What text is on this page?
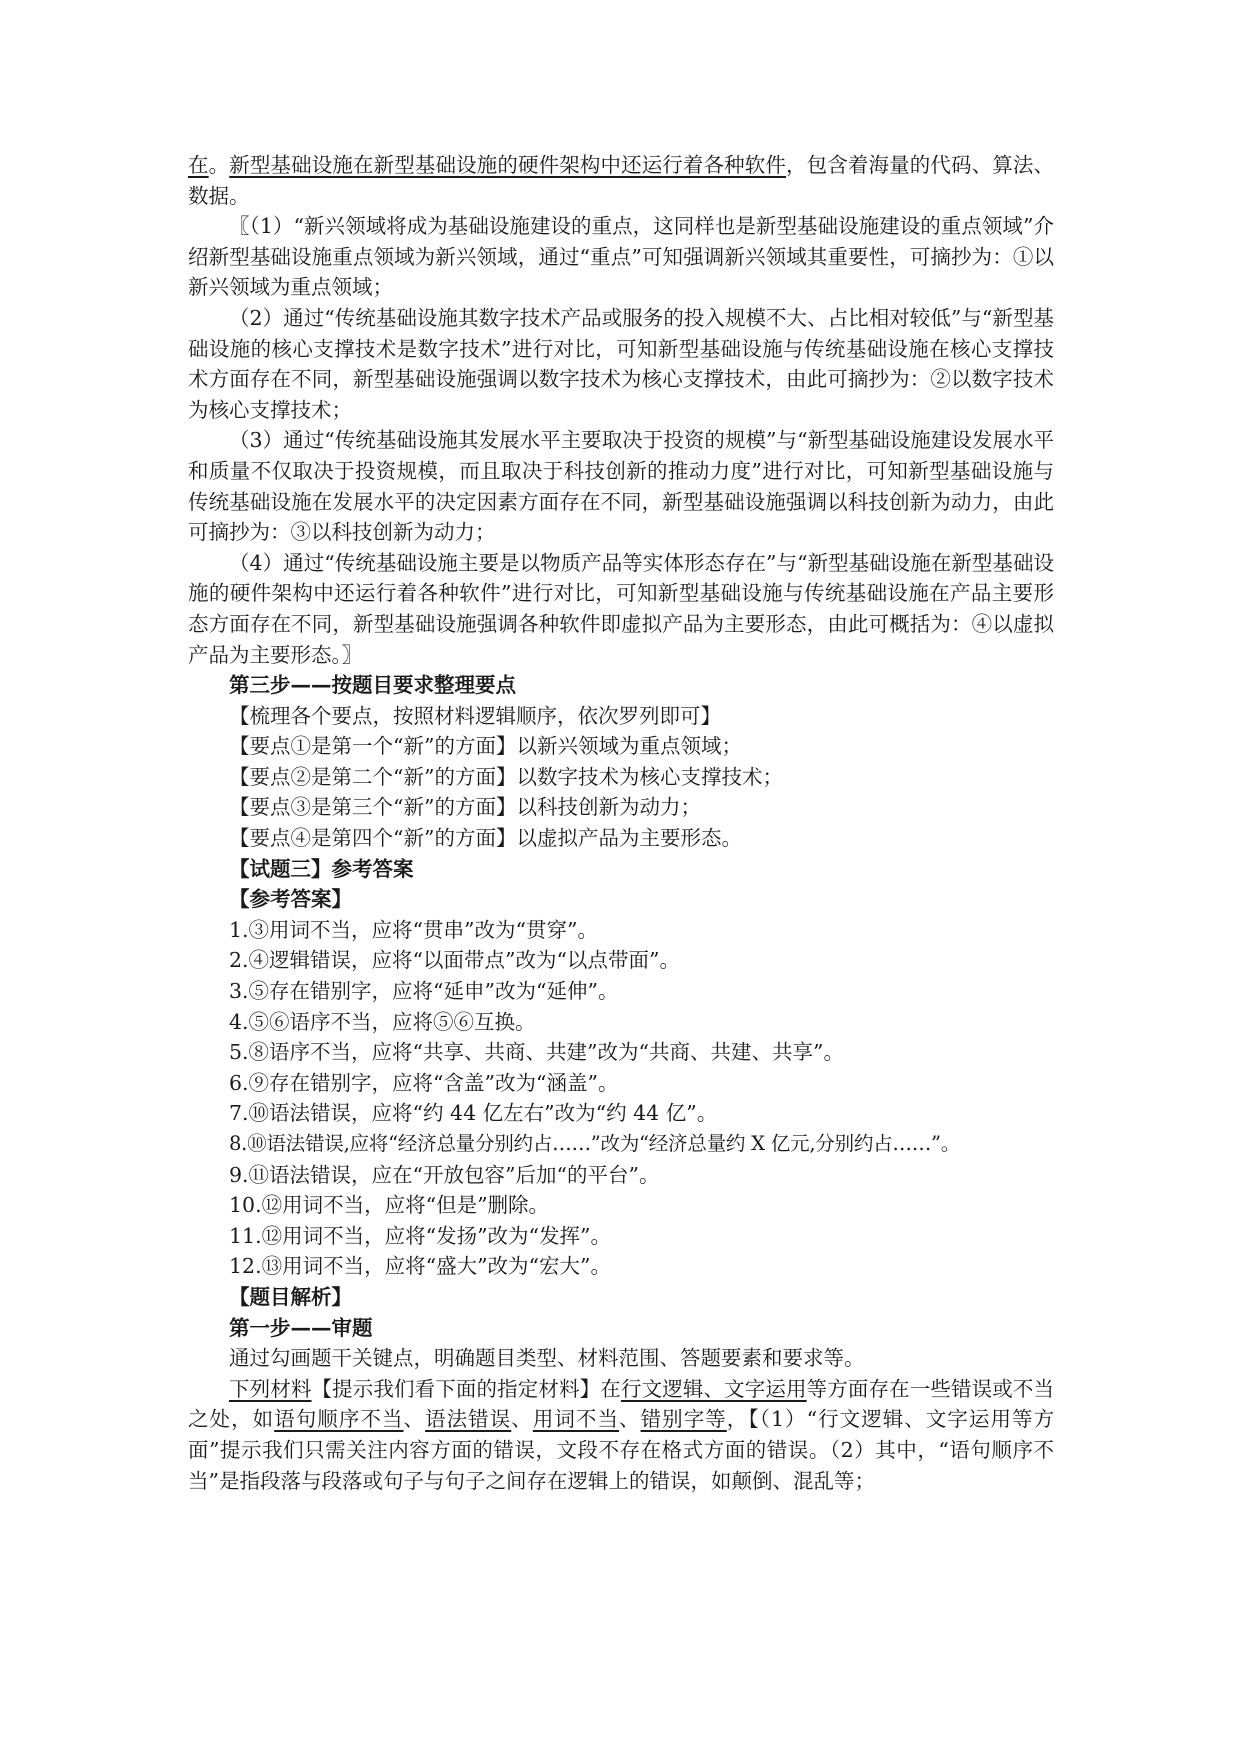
在。新型基础设施在新型基础设施的硬件架构中还运行着各种软件，包含着海量的代码、算法、数据。

〖（1）“新兴领域将成为基础设施建设的重点，这同样也是新型基础设施建设的重点领域”介绍新型基础设施重点领域为新兴领域，通过“重点”可知强调新兴领域其重要性，可摘抄为：①以新兴领域为重点领域；

（2）通过“传统基础设施其数字技术产品或服务的投入规模不大、占比相对较低”与“新型基础设施的核心支撑技术是数字技术”进行对比，可知新型基础设施与传统基础设施在核心支撑技术方面存在不同，新型基础设施强调以数字技术为核心支撑技术，由此可摘抄为：②以数字技术为核心支撑技术；

（3）通过“传统基础设施其发展水平主要取决于投资的规模”与“新型基础设施建设发展水平和质量不仅取决于投资规模，而且取决于科技创新的推动力度”进行对比，可知新型基础设施与传统基础设施在发展水平的决定因素方面存在不同，新型基础设施强调以科技创新为动力，由此可摘抄为：③以科技创新为动力；

（4）通过“传统基础设施主要是以物质产品等实体形态存在”与“新型基础设施在新型基础设施的硬件架构中还运行着各种软件”进行对比，可知新型基础设施与传统基础设施在产品主要形态方面存在不同，新型基础设施强调各种软件即虚拟产品为主要形态，由此可概括为：④以虚拟产品为主要形态。〗

第三步——按题目要求整理要点

【梳理各个要点，按照材料逻辑顺序，依次罗列即可】

【要点①是第一个“新”的方面】以新兴领域为重点领域；

【要点②是第二个“新”的方面】以数字技术为核心支撑技术；

【要点③是第三个“新”的方面】以科技创新为动力；

【要点④是第四个“新”的方面】以虚拟产品为主要形态。

【试题三】参考答案

【参考答案】

1.③用词不当，应将“贯串”改为“贯穿”。

2.④逻辑错误，应将“以面带点”改为“以点带面”。

3.⑤存在错别字，应将“延申”改为“延伸”。

4.⑤⑥语序不当，应将⑤⑥互换。

5.⑧语序不当，应将“共享、共商、共建”改为“共商、共建、共享”。

6.⑨存在错别字，应将“含盖”改为“涵盖”。

7.⑩语法错误，应将“约 44 亿左右”改为“约 44 亿”。

8.⑩语法错误,应将“经济总量分别约占……”改为“经济总量约 X 亿元,分别约占……”。

9.⑪语法错误，应在“开放包容”后加“的平台”。

10.⑫用词不当，应将“但是”删除。

11.⑫用词不当，应将“发扬”改为“发挥”。

12.⑬用词不当，应将“盛大”改为“宏大”。

【题目解析】

第一步——审题

通过勾画题干关键点，明确题目类型、材料范围、答题要素和要求等。

下列材料【提示我们看下面的指定材料】在行文逻辑、文字运用等方面存在一些错误或不当之处，如语句顺序不当、语法错误、用词不当、错别字等，【（1）“行文逻辑、文字运用等方面”提示我们只需关注内容方面的错误，文段不存在格式方面的错误。（2）其中，“语句顺序不当”是指段落与段落或句子与句子之间存在逻辑上的错误，如颠倒、混乱等；
